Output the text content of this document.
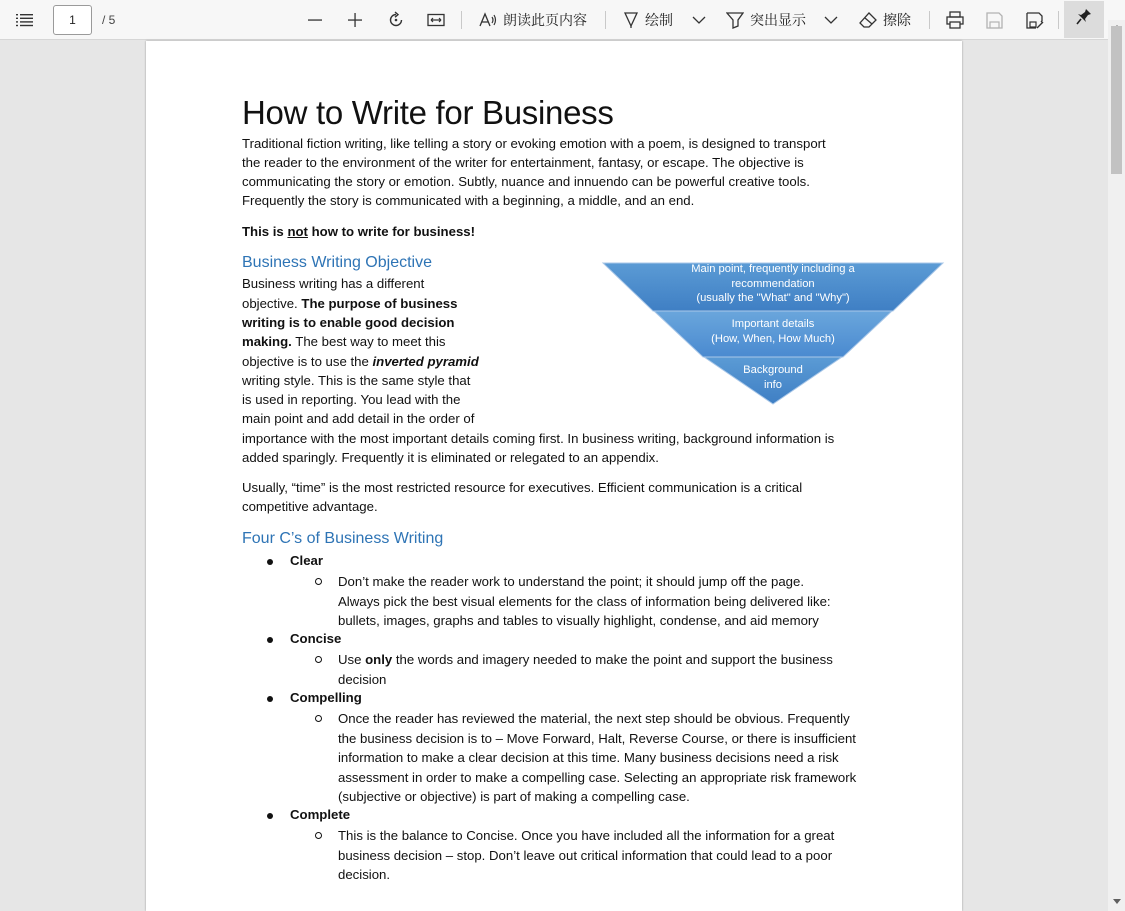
1	/ 5	朗读此页内容	绘制	突出显示	擦除
How to Write for Business
Traditional fiction writing, like telling a story or evoking emotion with a poem, is designed to transport
the reader to the environment of the writer for entertainment, fantasy, or escape. The objective is
communicating the story or emotion. Subtly, nuance and innuendo can be powerful creative tools.
Frequently the story is communicated with a beginning, a middle, and an end.
This is not how to write for business!
Business Writing Objective
Business writing has a different
objective. The purpose of business
writing is to enable good decision
making. The best way to meet this
objective is to use the inverted pyramid
writing style. This is the same style that
is used in reporting. You lead with the
main point and add detail in the order of
importance with the most important details coming first. In business writing, background information is
added sparingly. Frequently it is eliminated or relegated to an appendix.
Main point, frequently including a
recommendation
(usually the "What" and "Why")
Important details
(How, When, How Much)
Background
info
Usually, “time” is the most restricted resource for executives. Efficient communication is a critical
competitive advantage.
Four C’s of Business Writing
Clear
Don’t make the reader work to understand the point; it should jump off the page.
Always pick the best visual elements for the class of information being delivered like:
bullets, images, graphs and tables to visually highlight, condense, and aid memory
Concise
Use only the words and imagery needed to make the point and support the business
decision
Compelling
Once the reader has reviewed the material, the next step should be obvious. Frequently
the business decision is to – Move Forward, Halt, Reverse Course, or there is insufficient
information to make a clear decision at this time. Many business decisions need a risk
assessment in order to make a compelling case. Selecting an appropriate risk framework
(subjective or objective) is part of making a compelling case.
Complete
This is the balance to Concise. Once you have included all the information for a great
business decision – stop. Don’t leave out critical information that could lead to a poor
decision.
